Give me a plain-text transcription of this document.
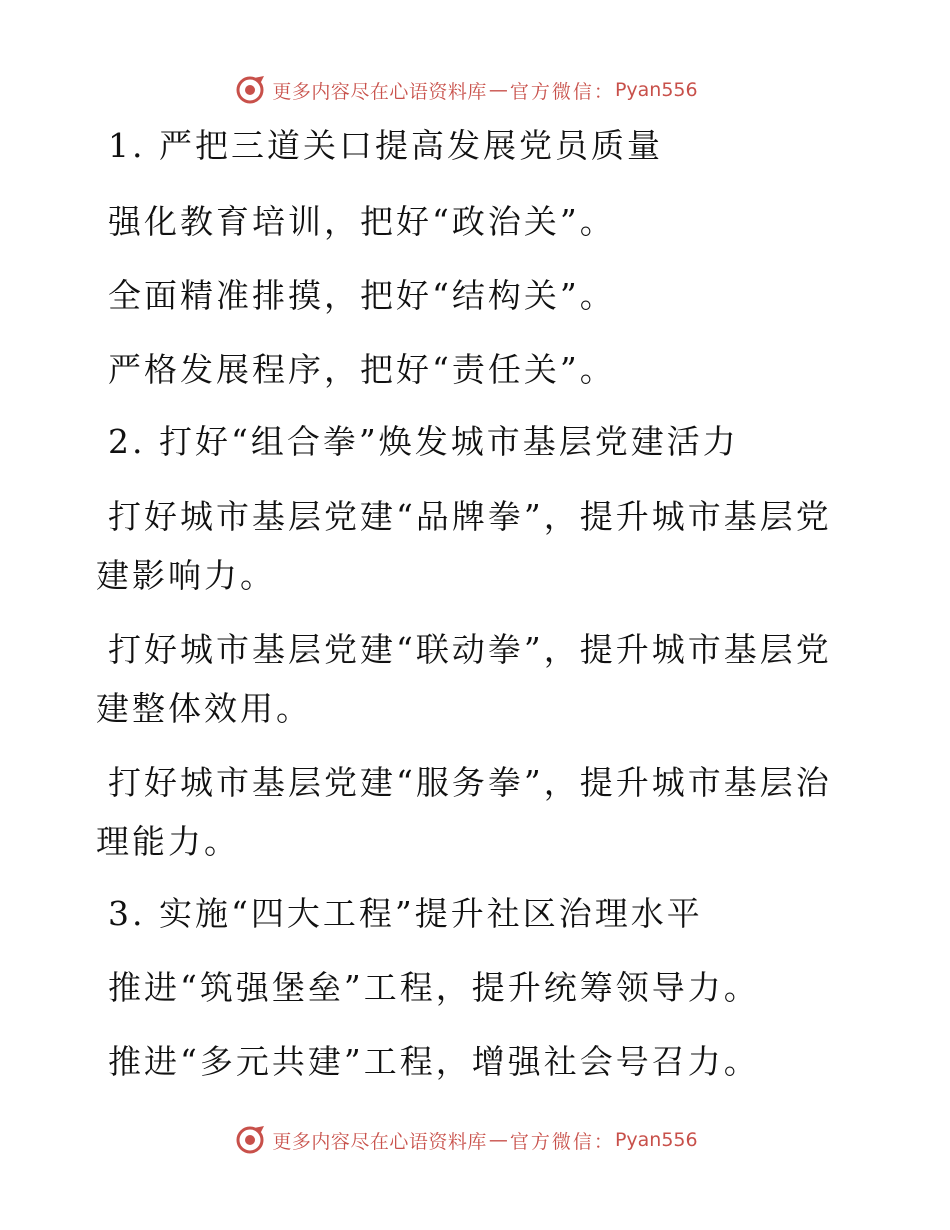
更多内容尽在心语资料库 — 官方微信： Pyan556
1. 严把三道关口提高发展党员质量
强化教育培训，把好“政治关”。
全面精准排摸，把好“结构关”。
严格发展程序，把好“责任关”。
2. 打好“组合拳”焕发城市基层党建活力
打好城市基层党建“品牌拳”，提升城市基层党
建影响力。
打好城市基层党建“联动拳”，提升城市基层党
建整体效用。
打好城市基层党建“服务拳”，提升城市基层治
理能力。
3. 实施“四大工程”提升社区治理水平
推进“筑强堡垒”工程，提升统筹领导力。
推进“多元共建”工程，增强社会号召力。
更多内容尽在心语资料库 — 官方微信： Pyan556
